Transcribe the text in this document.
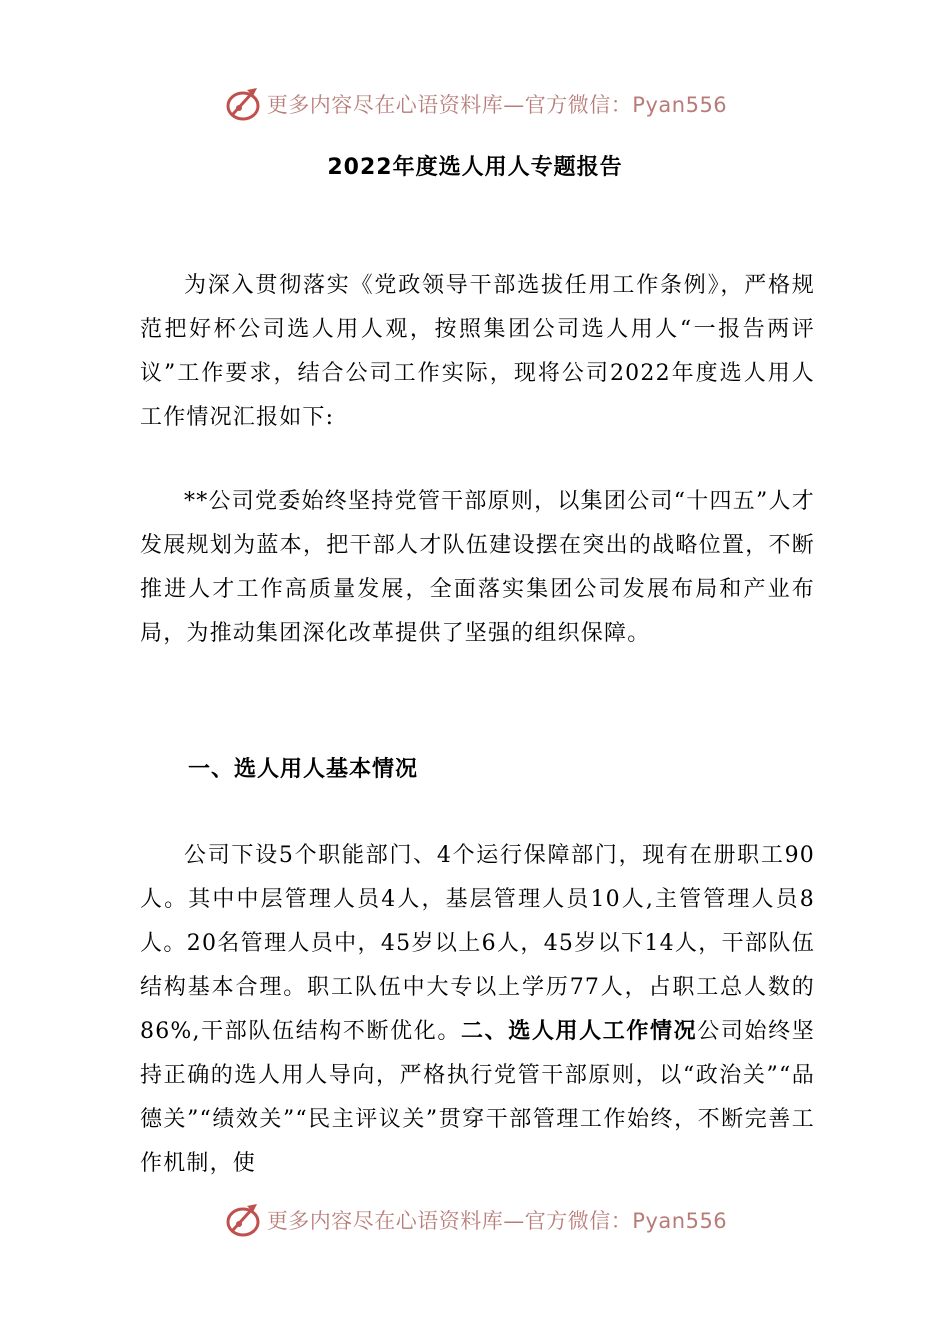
更多内容尽在心语资料库—官方微信：Pyan556
2022年度选人用人专题报告
为深入贯彻落实《党政领导干部选拔任用工作条例》，严格规范把好杯公司选人用人观，按照集团公司选人用人“一报告两评议”工作要求，结合公司工作实际，现将公司2022年度选人用人工作情况汇报如下:
**公司党委始终坚持党管干部原则，以集团公司“十四五”人才发展规划为蓝本，把干部人才队伍建设摆在突出的战略位置，不断推进人才工作高质量发展，全面落实集团公司发展布局和产业布局，为推动集团深化改革提供了坚强的组织保障。
一、选人用人基本情况
公司下设5个职能部门、4个运行保障部门，现有在册职工90人。其中中层管理人员4人，基层管理人员10人,主管管理人员8人。20名管理人员中，45岁以上6人，45岁以下14人，干部队伍结构基本合理。职工队伍中大专以上学历77人，占职工总人数的86%,干部队伍结构不断优化。二、选人用人工作情况公司始终坚持正确的选人用人导向，严格执行党管干部原则，以“政治关”“品德关”“绩效关”“民主评议关”贯穿干部管理工作始终，不断完善工作机制，使
更多内容尽在心语资料库—官方微信：Pyan556
